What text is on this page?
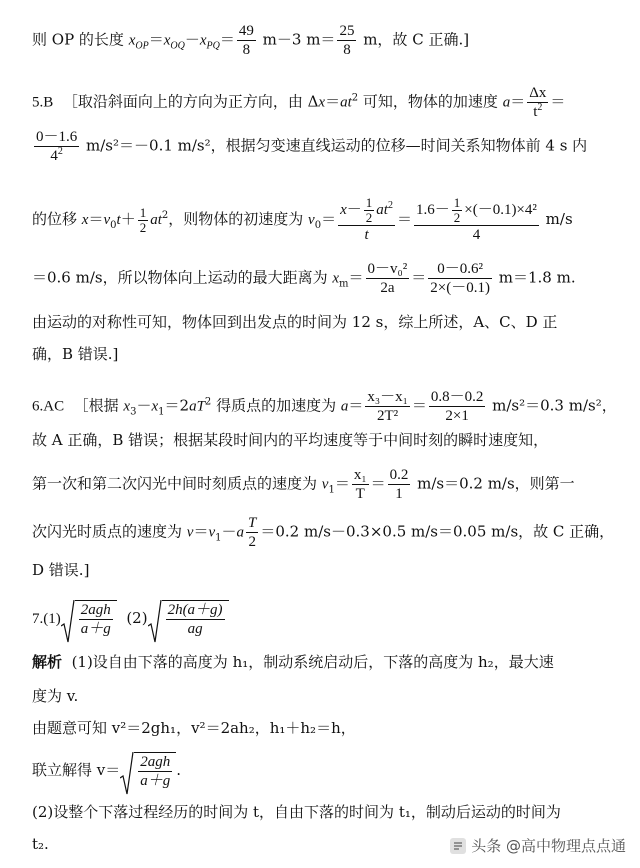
则 OP 的长度 $x_{OP}=x_{OQ}-x_{PQ}= \frac{49}{8} m-3$ $m= \frac{25}{8}$ m，故 C 正确.]
5.B ［取沿斜面向上的方向为正方向，由 $\Delta x=at^2$ 可知，物体的加速度 $a= \frac{\Delta x}{t^2}$ ＝
$\frac{0-1.6}{4^2} m/s^2=-0.1$ m/s²，根据匀变速直线运动的位移—时间关系知物体前 4 s 内
的位移 $x=v_0t+ \frac{1}{2} at^2$，则物体的初速度为 $v_0= \frac{x- \frac{1}{2} at^2}{t} = \frac{1.6- \frac{1}{2} \times(-0.1)\times 4^2}{4} m/s$
＝0.6 m/s，所以物体向上运动的最大距离为 $x_m= \frac{\text{0－v₀²}}{2a} = \frac{\text{0－0.6²}}{2\times(-0.1)} m=1.8$ m.
由运动的对称性可知，物体回到出发点的时间为 12 s，综上所述，A、C、D 正
确，B 错误.]
6.AC ［根据 $x_3-x_1=2aT^2$ 得质点的加速度为 $a= \frac{\text{x₃－x₁}}{\text{2T²}} = \frac{0.8-0.2}{2\times 1} m/s^2=0.3$ m/s²，
故 A 正确，B 错误；根据某段时间内的平均速度等于中间时刻的瞬时速度知，
第一次和第二次闪光中间时刻质点的速度为 $v_1= \frac{\text{x₁}}{T} = \frac{0.2}{1} m/s=0.2$ m/s，则第一
次闪光时质点的速度为 $v=v_1-a \frac{T}{2} =0.2$ m/s－0.3×0.5 m/s＝0.05 m/s，故 C 正确，
D 错误.]
$7.(1) \frac{\text{2agh}}{a+g} (2) \frac{2h(a+g)}{ag}$
解析 (1)设自由下落的高度为 h₁，制动系统启动后，下落的高度为 h₂，最大速
度为 v.
由题意可知 v²＝2gh₁，v²＝2ah₂，h₁＋h₂＝h，
联立解得 $v= \frac{\text{2agh}}{a+g}$ .
(2)设整个下落过程经历的时间为 t，自由下落的时间为 t₁，制动后运动的时间为
t₂.	头条 @高中物理点点通
